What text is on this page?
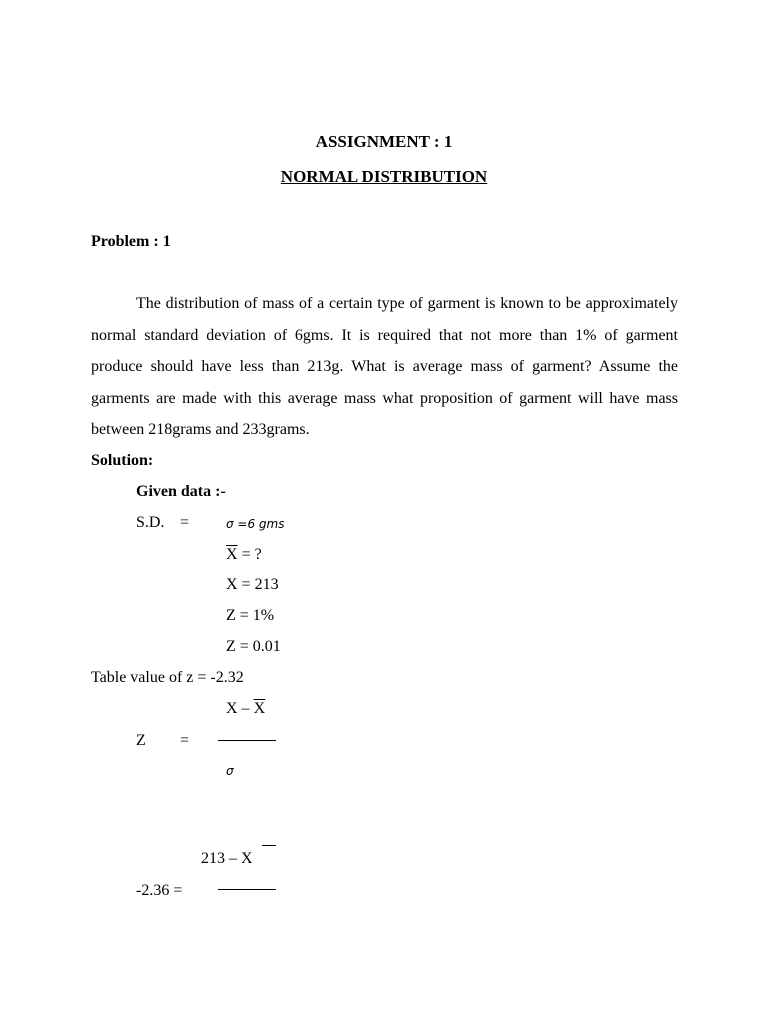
ASSIGNMENT : 1
NORMAL DISTRIBUTION
Problem : 1
The distribution of mass of a certain type of garment is known to be approximately normal standard deviation of 6gms. It is required that not more than 1% of garment produce should have less than 213g. What is average mass of garment? Assume the garments are made with this average mass what proposition of garment will have mass between 218grams and 233grams.
Solution:
Given data :-
S.D. =	σ =6 gms
$\overline{X}$ = ?
X = 213
Z = 1%
Z = 0.01
Table value of z = -2.32
X – $\overline{X}$
Z =
σ
213 – X
-2.36 =
